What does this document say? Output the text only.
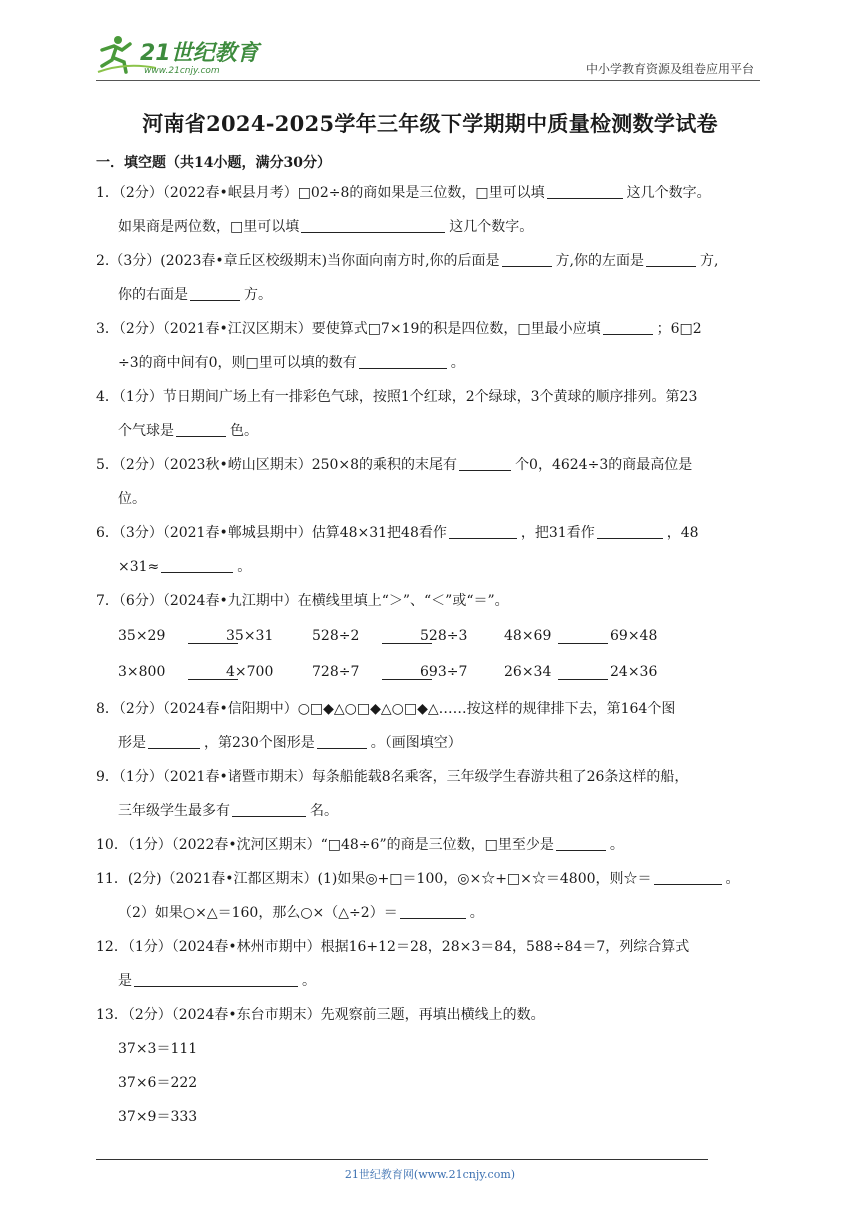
21世纪教育
www.21cnjy.com	中小学教育资源及组卷应用平台
河南省2024-2025学年三年级下学期期中质量检测数学试卷
一．填空题（共14小题，满分30分）
1．（2分）（2022春•岷县月考）□02÷8的商如果是三位数，□里可以填	这几个数字。
如果商是两位数，□里可以填	这几个数字。
2.（3分）(2023春•章丘区校级期末)当你面向南方时,你的后面是	方,你的左面是	方,
你的右面是	方。
3．（2分）（2021春•江汉区期末）要使算式□7×19的积是四位数，□里最小应填	；6□2
÷3的商中间有0，则□里可以填的数有	。
4．（1分）节日期间广场上有一排彩色气球，按照1个红球，2个绿球，3个黄球的顺序排列。第23
个气球是	色。
5．（2分）（2023秋•崂山区期末）250×8的乘积的末尾有	个0，4624÷3的商最高位是
位。
6．（3分）（2021春•郸城县期中）估算48×31把48看作	，把31看作	，48
×31≈	。
7．（6分）（2024春•九江期中）在横线里填上“＞”、“＜”或“＝”。
35×29	35×31	528÷2	528÷3	48×69	69×48
3×800	4×700	728÷7	693÷7	26×34	24×36
8．（2分）（2024春•信阳期中）○□◆△○□◆△○□◆△……按这样的规律排下去，第164个图
形是	，第230个图形是	。（画图填空）
9．（1分）（2021春•诸暨市期末）每条船能载8名乘客，三年级学生春游共租了26条这样的船，
三年级学生最多有	名。
10．（1分）（2022春•沈河区期末）“□48÷6”的商是三位数，□里至少是	。
11．(2分)（2021春•江都区期末）(1)如果◎+□＝100，◎×☆+□×☆＝4800，则☆＝	。
（2）如果○×△＝160，那么○×（△÷2）＝	。
12．（1分）（2024春•林州市期中）根据16+12＝28，28×3＝84，588÷84＝7，列综合算式
是	。
13．（2分）（2024春•东台市期末）先观察前三题，再填出横线上的数。
37×3＝111
37×6＝222
37×9＝333
21世纪教育网(www.21cnjy.com)
